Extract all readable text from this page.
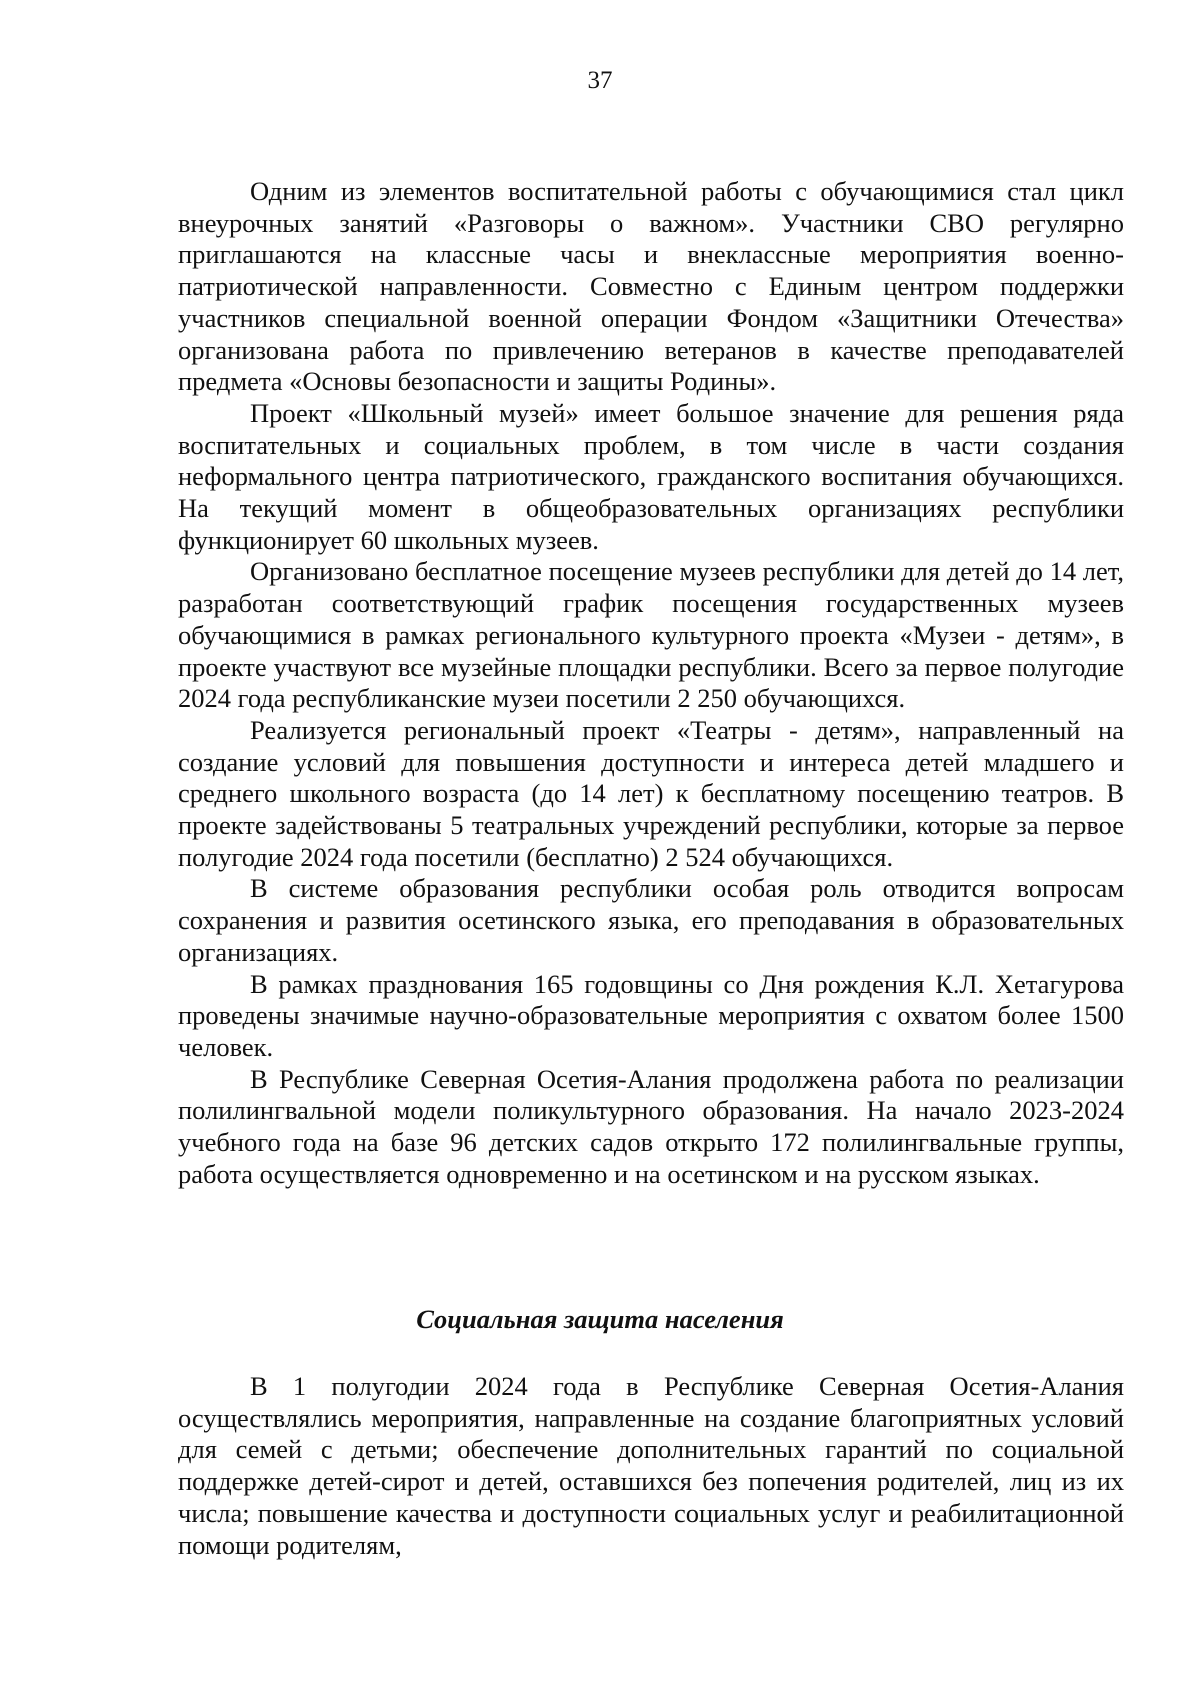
37

Одним из элементов воспитательной работы с обучающимися стал цикл внеурочных занятий «Разговоры о важном». Участники СВО регулярно приглашаются на классные часы и внеклассные мероприятия военно-патриотической направленности. Совместно с Единым центром поддержки участников специальной военной операции Фондом «Защитники Отечества» организована работа по привлечению ветеранов в качестве преподавателей предмета «Основы безопасности и защиты Родины».

Проект «Школьный музей» имеет большое значение для решения ряда воспитательных и социальных проблем, в том числе в части создания неформального центра патриотического, гражданского воспитания обучающихся. На текущий момент в общеобразовательных организациях республики функционирует 60 школьных музеев.

Организовано бесплатное посещение музеев республики для детей до 14 лет, разработан соответствующий график посещения государственных музеев обучающимися в рамках регионального культурного проекта «Музеи - детям», в проекте участвуют все музейные площадки республики. Всего за первое полугодие 2024 года республиканские музеи посетили 2 250 обучающихся.

Реализуется региональный проект «Театры - детям», направленный на создание условий для повышения доступности и интереса детей младшего и среднего школьного возраста (до 14 лет) к бесплатному посещению театров. В проекте задействованы 5 театральных учреждений республики, которые за первое полугодие 2024 года посетили (бесплатно) 2 524 обучающихся.

В системе образования республики особая роль отводится вопросам сохранения и развития осетинского языка, его преподавания в образовательных организациях.

В рамках празднования 165 годовщины со Дня рождения К.Л. Хетагурова проведены значимые научно-образовательные мероприятия с охватом более 1500 человек.

В Республике Северная Осетия-Алания продолжена работа по реализации полилингвальной модели поликультурного образования. На начало 2023-2024 учебного года на базе 96 детских садов открыто 172 полилингвальные группы, работа осуществляется одновременно и на осетинском и на русском языках.

Социальная защита населения

В 1 полугодии 2024 года в Республике Северная Осетия-Алания осуществлялись мероприятия, направленные на создание благоприятных условий для семей с детьми; обеспечение дополнительных гарантий по социальной поддержке детей-сирот и детей, оставшихся без попечения родителей, лиц из их числа; повышение качества и доступности социальных услуг и реабилитационной помощи родителям,
